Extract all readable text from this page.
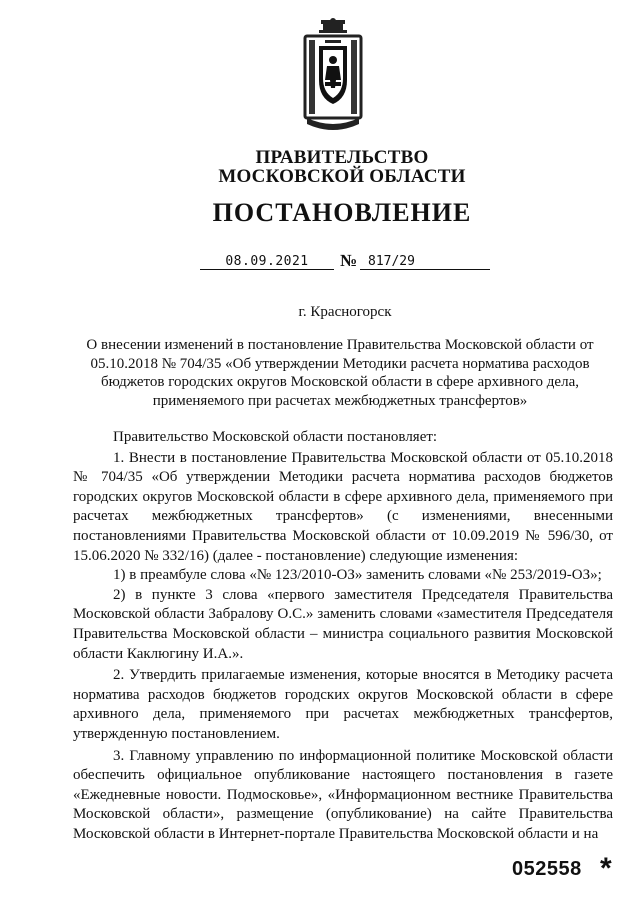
ПРАВИТЕЛЬСТВО
МОСКОВСКОЙ ОБЛАСТИ
ПОСТАНОВЛЕНИЕ
08.09.2021	№ 817/29
г. Красногорск
О внесении изменений в постановление Правительства Московской области от 05.10.2018 № 704/35 «Об утверждении Методики расчета норматива расходов бюджетов городских округов Московской области в сфере архивного дела, применяемого при расчетах межбюджетных трансфертов»

Правительство Московской области постановляет:

1. Внести в постановление Правительства Московской области от 05.10.2018 № 704/35 «Об утверждении Методики расчета норматива расходов бюджетов городских округов Московской области в сфере архивного дела, применяемого при расчетах межбюджетных трансфертов» (с изменениями, внесенными постановлениями Правительства Московской области от 10.09.2019 № 596/30, от 15.06.2020 № 332/16) (далее - постановление) следующие изменения:

1) в преамбуле слова «№ 123/2010-ОЗ» заменить словами «№ 253/2019-ОЗ»;

2) в пункте 3 слова «первого заместителя Председателя Правительства Московской области Забралову О.С.» заменить словами «заместителя Председателя Правительства Московской области – министра социального развития Московской области Каклюгину И.А.».

2. Утвердить прилагаемые изменения, которые вносятся в Методику расчета норматива расходов бюджетов городских округов Московской области в сфере архивного дела, применяемого при расчетах межбюджетных трансфертов, утвержденную постановлением.

3. Главному управлению по информационной политике Московской области обеспечить официальное опубликование настоящего постановления в газете «Ежедневные новости. Подмосковье», «Информационном вестнике Правительства Московской области», размещение (опубликование) на сайте Правительства Московской области в Интернет-портале Правительства Московской области и на

052558 *
